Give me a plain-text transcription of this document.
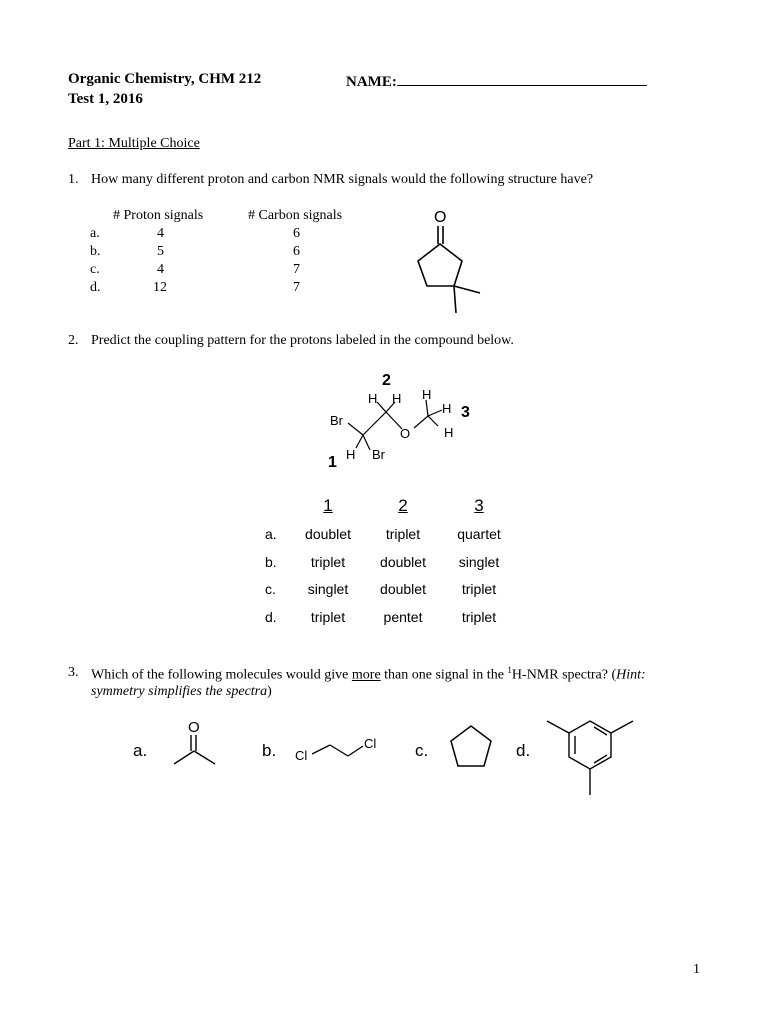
Organic Chemistry, CHM 212	NAME:
Test 1, 2016
Part 1: Multiple Choice
1. How many different proton and carbon NMR signals would the following structure have?
# Proton signals	# Carbon signals
a.	4	6
b.	5	6
c.	4	7
d.	12	7
O
2. Predict the coupling pattern for the protons labeled in the compound below.
2
H H H
H
H
3
Br
O
1 H Br
1	2	3
a.	doublet	triplet	quartet
b.	triplet	doublet	singlet
c.	singlet	doublet	triplet
d.	triplet	pentet	triplet
3. Which of the following molecules would give more than one signal in the $^1$H-NMR spectra? (Hint:
symmetry simplifies the spectra)
a.	b.	c.	d.
O
Cl
Cl
1
